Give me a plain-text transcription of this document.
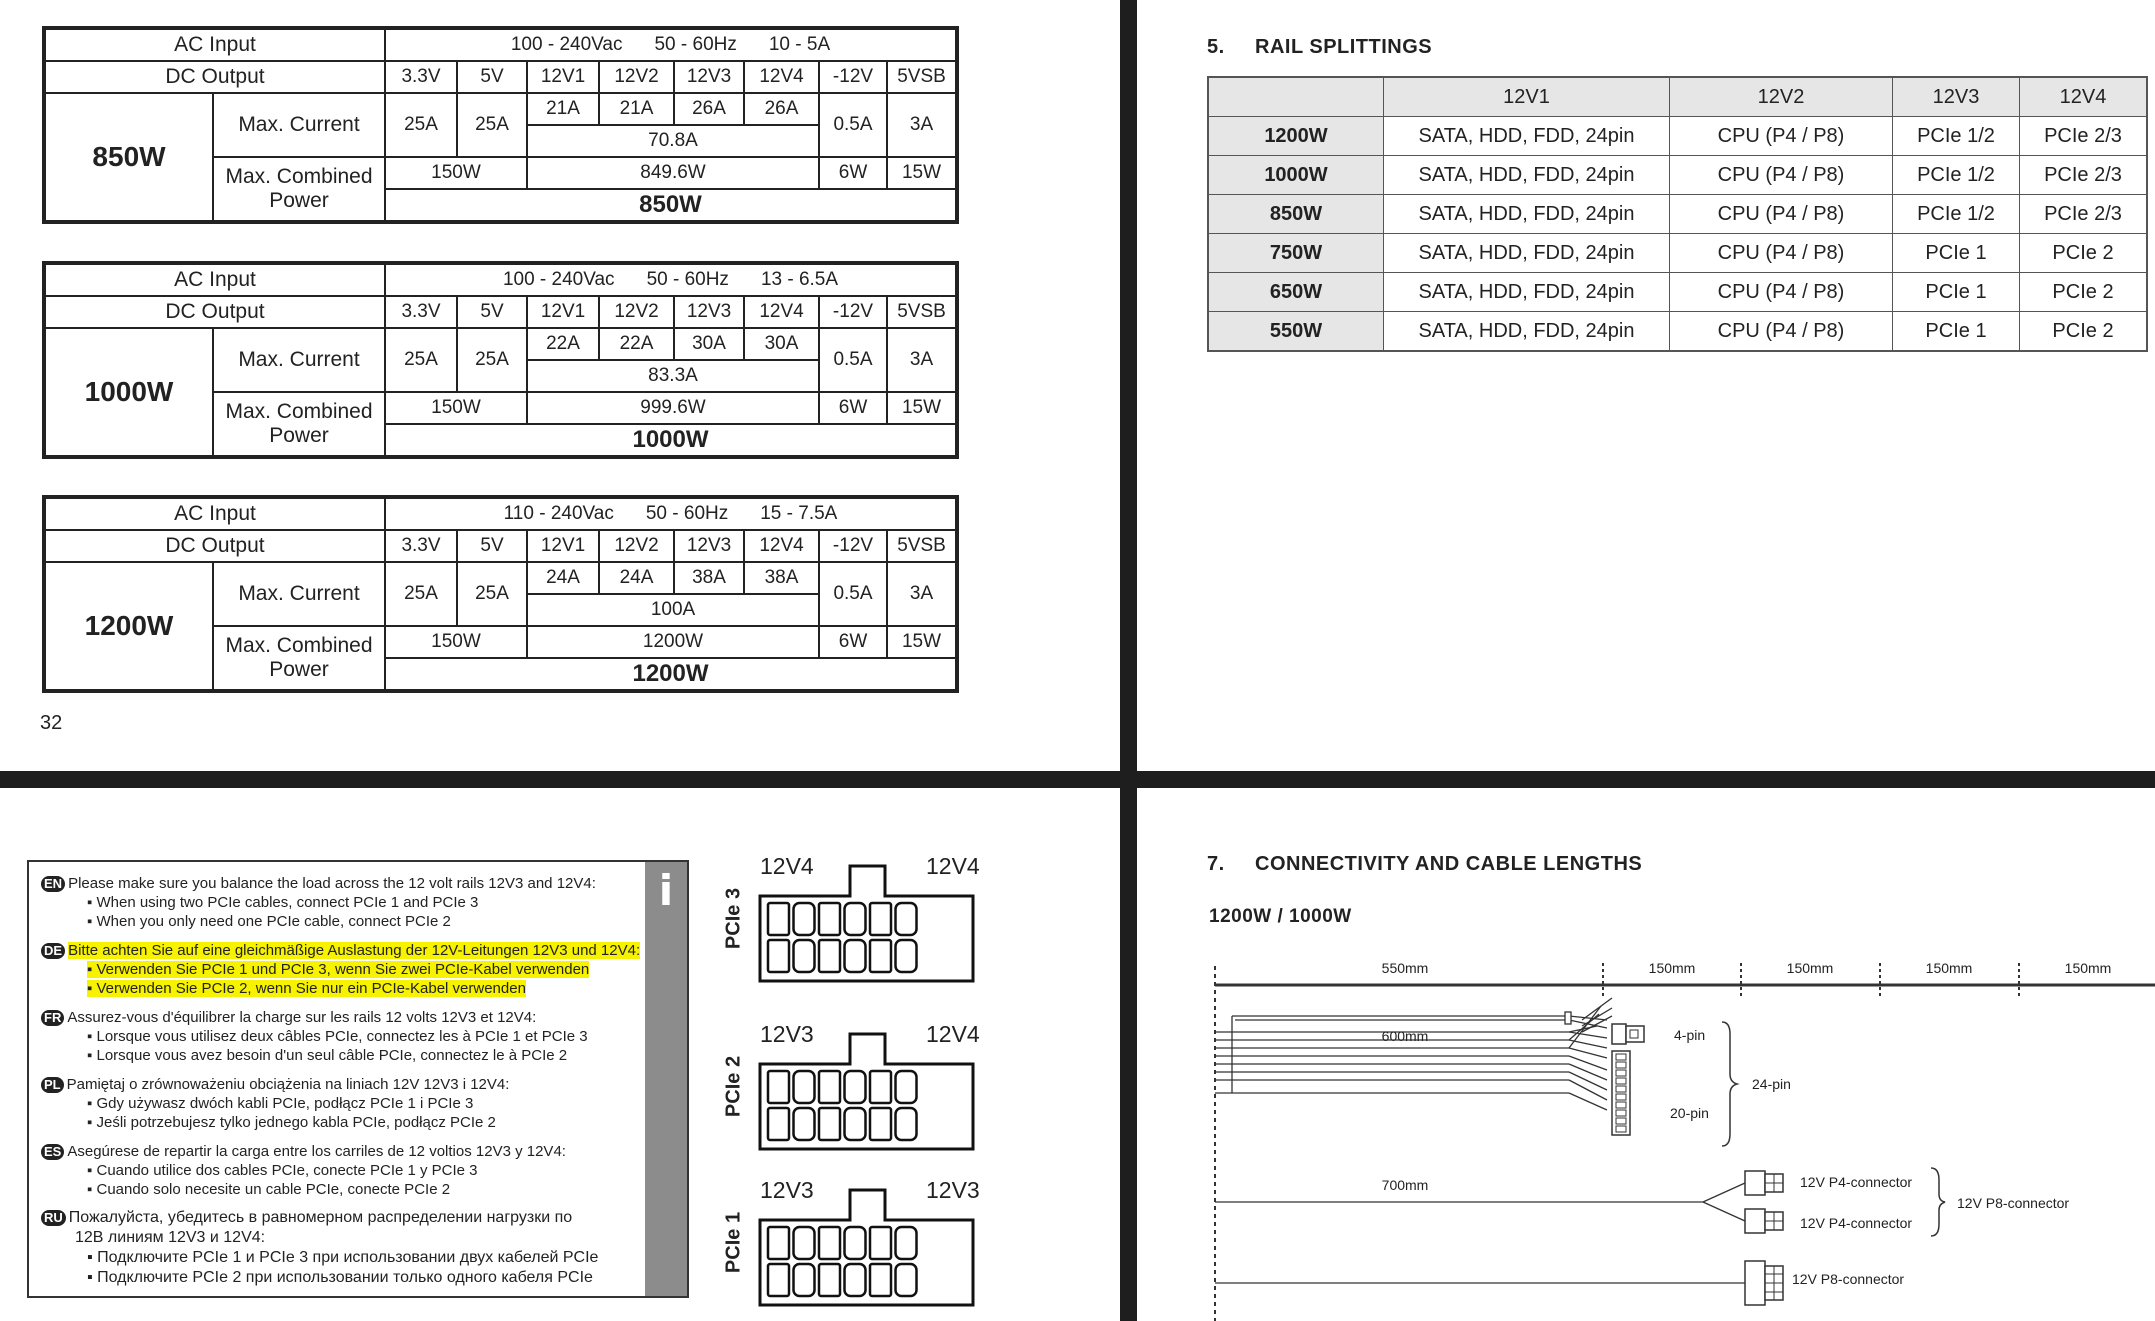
AC Input		100 - 240Vac 50 - 60Hz 10 - 5A							
DC Output		3.3V	5V	12V1	12V2	12V3	12V4	-12V	5VSB
850W	Max. Current	25A	25A	21A	21A	26A	26A	0.5A	3A
				70.8A					
	Max. Combined Power	150W		849.6W				6W	15W
		850W							
AC Input		100 - 240Vac 50 - 60Hz 13 - 6.5A							
DC Output		3.3V	5V	12V1	12V2	12V3	12V4	-12V	5VSB
1000W	Max. Current	25A	25A	22A	22A	30A	30A	0.5A	3A
				83.3A					
	Max. Combined Power	150W		999.6W				6W	15W
		1000W							
AC Input		110 - 240Vac 50 - 60Hz 15 - 7.5A							
DC Output		3.3V	5V	12V1	12V2	12V3	12V4	-12V	5VSB
1200W	Max. Current	25A	25A	24A	24A	38A	38A	0.5A	3A
				100A					
	Max. Combined Power	150W		1200W				6W	15W
		1200W							
32
5. RAIL SPLITTINGS
	12V1	12V2	12V3	12V4
1200W	SATA, HDD, FDD, 24pin	CPU (P4 / P8)	PCIe 1/2	PCIe 2/3
1000W	SATA, HDD, FDD, 24pin	CPU (P4 / P8)	PCIe 1/2	PCIe 2/3
850W	SATA, HDD, FDD, 24pin	CPU (P4 / P8)	PCIe 1/2	PCIe 2/3
750W	SATA, HDD, FDD, 24pin	CPU (P4 / P8)	PCIe 1	PCIe 2
650W	SATA, HDD, FDD, 24pin	CPU (P4 / P8)	PCIe 1	PCIe 2
550W	SATA, HDD, FDD, 24pin	CPU (P4 / P8)	PCIe 1	PCIe 2
i
EN Please make sure you balance the load across the 12 volt rails 12V3 and 12V4:
▪ When using two PCIe cables, connect PCIe 1 and PCIe 3
▪ When you only need one PCIe cable, connect PCIe 2
DE Bitte achten Sie auf eine gleichmäßige Auslastung der 12V-Leitungen 12V3 und 12V4:
▪ Verwenden Sie PCIe 1 und PCIe 3, wenn Sie zwei PCIe-Kabel verwenden
▪ Verwenden Sie PCIe 2, wenn Sie nur ein PCIe-Kabel verwenden
FR Assurez-vous d'équilibrer la charge sur les rails 12 volts 12V3 et 12V4:
▪ Lorsque vous utilisez deux câbles PCIe, connectez les à PCIe 1 et PCIe 3
▪ Lorsque vous avez besoin d'un seul câble PCIe, connectez le à PCIe 2
PL Pamiętaj o zrównoważeniu obciążenia na liniach 12V 12V3 i 12V4:
▪ Gdy używasz dwóch kabli PCIe, podłącz PCIe 1 i PCIe 3
▪ Jeśli potrzebujesz tylko jednego kabla PCIe, podłącz PCIe 2
ES Asegúrese de repartir la carga entre los carriles de 12 voltios 12V3 y 12V4:
▪ Cuando utilice dos cables PCIe, conecte PCIe 1 y PCIe 3
▪ Cuando solo necesite un cable PCIe, conecte PCIe 2
RU Пожалуйста, убедитесь в равномерном распределении нагрузки по
12В линиям 12V3 и 12V4:
▪ Подключите PCIe 1 и PCIe 3 при использовании двух кабелей PCIe
▪ Подключите PCIe 2 при использовании только одного кабеля PCIe
12V4	12V4
PCIe 3
12V3	12V4
PCIe 2
12V3	12V3
PCIe 1
7. CONNECTIVITY AND CABLE LENGTHS
1200W / 1000W
550mm	150mm	150mm	150mm	150mm
600mm	4-pin
20-pin
24-pin
700mm	12V P4-connector
12V P4-connector
12V P8-connector
12V P8-connector
